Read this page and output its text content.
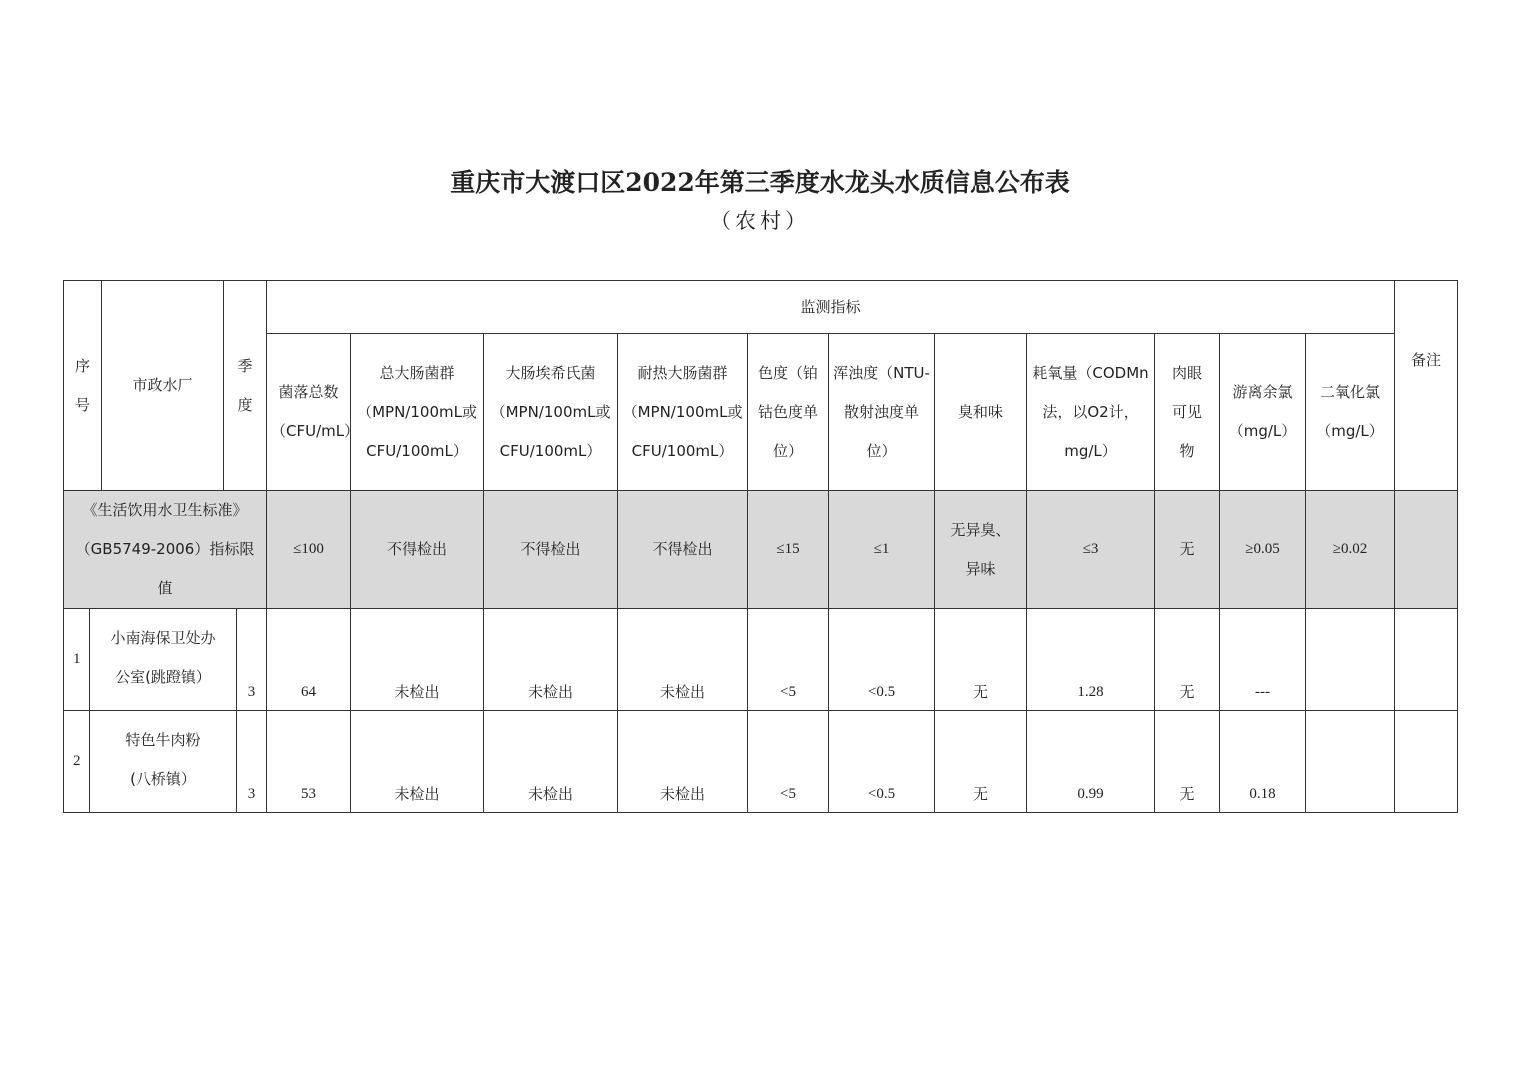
重庆市大渡口区2022年第三季度水龙头水质信息公布表
（农村）
序号		市政水厂	季度		监测指标											备注

					菌落总数（CFU/mL）	总大肠菌群（MPN/100mL或CFU/100mL）	大肠埃希氏菌（MPN/100mL或CFU/100mL）	耐热大肠菌群（MPN/100mL或CFU/100mL）	色度（铂钴色度单位）	浑浊度（NTU-散射浊度单位）	臭和味	耗氧量（CODMn法，以O2计，mg/L）	肉眼可见物	游离余氯（mg/L）	二氧化氯（mg/L）	

《生活饮用水卫生标准》（GB5749-2006）指标限值					≤100	不得检出	不得检出	不得检出	≤15	≤1	无异臭、异味	≤3	无	≥0.05	≥0.02	
1	小南海保卫处办公室(跳蹬镇）			3	64	未检出	未检出	未检出	<5	<0.5	无	1.28	无	---		
2	特色牛肉粉(八桥镇）			3	53	未检出	未检出	未检出	<5	<0.5	无	0.99	无	0.18		
